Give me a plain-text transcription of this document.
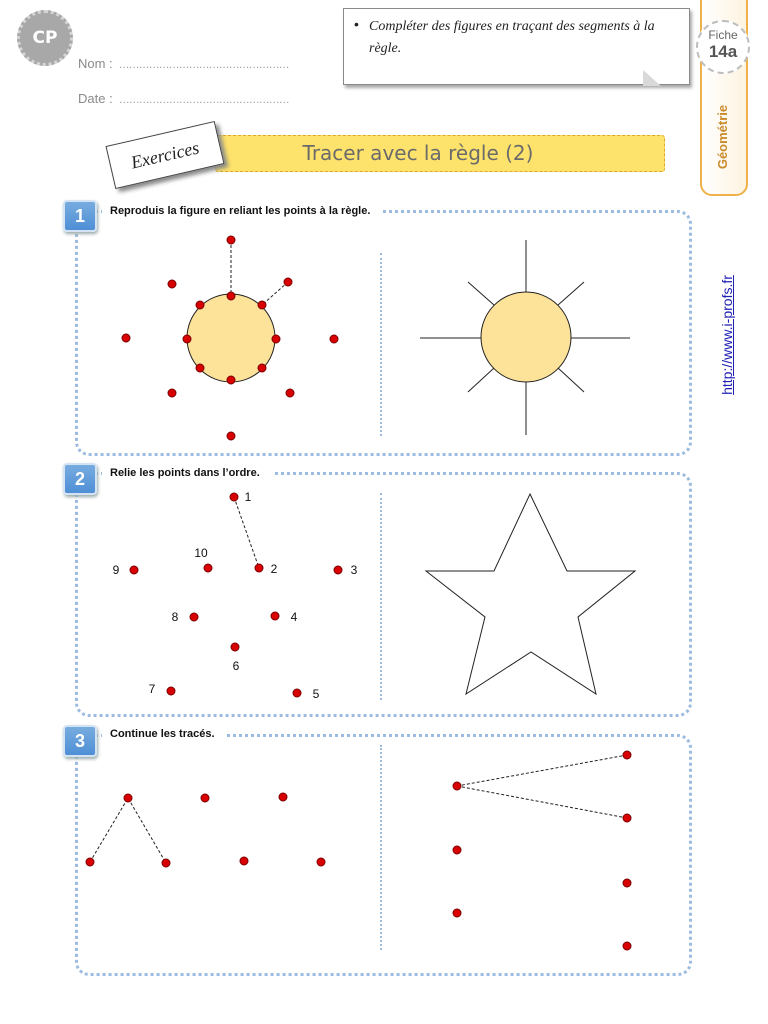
CP
Nom : ……………………………………………
Date : ……………………………………………
• Compléter des figures en traçant des segments à la règle.
Géométrie
Fiche
14a
http://www.i-profs.fr
Tracer avec la règle (2)
Exercices
Reproduis la figure en reliant les points à la règle.
1
Relie les points dans l’ordre.
2
Continue les tracés.
3
1
2	3
4
5
6
7
8
9
10
